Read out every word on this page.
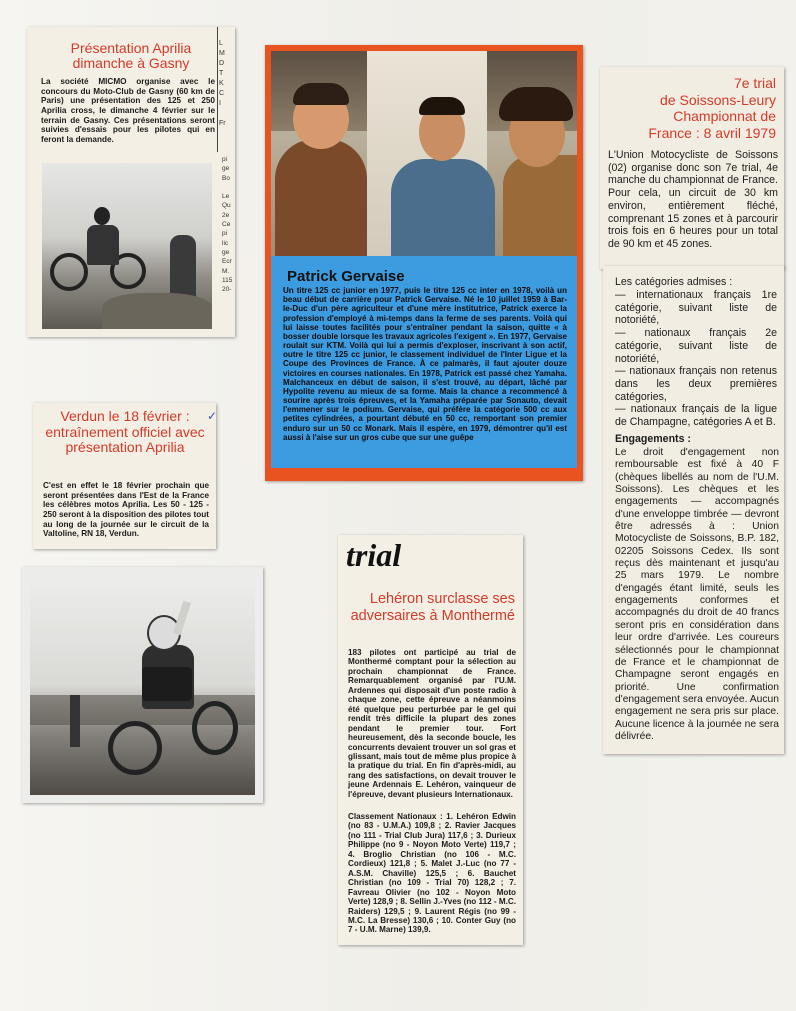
L
M
D
T
K
C
I

Fr
Présentation Aprilia dimanche à Gasny
La société MICMO organise avec le concours du Moto-Club de Gasny (60 km de Paris) une présentation des 125 et 250 Aprilia cross, le dimanche 4 février sur le terrain de Gasny. Ces présentations seront suivies d'essais pour les pilotes qui en feront la demande.
pi
ge
Bo

Le
Qu
2e
Ce
pi
lic
ge
Ecr
M.
115
20-
Patrick Gervaise
Un titre 125 cc junior en 1977, puis le titre 125 cc inter en 1978, voilà un beau début de carrière pour Patrick Gervaise. Né le 10 juillet 1959 à Bar-le-Duc d'un père agriculteur et d'une mère institutrice, Patrick exerce la profession d'employé à mi-temps dans la ferme de ses parents. Voilà qui lui laisse toutes facilités pour s'entraîner pendant la saison, quitte « à bosser double lorsque les travaux agricoles l'exigent ». En 1977, Gervaise roulait sur KTM. Voilà qui lui a permis d'exploser, inscrivant à son actif, outre le titre 125 cc junior, le classement individuel de l'Inter Ligue et la Coupe des Provinces de France. À ce palmarès, il faut ajouter douze victoires en courses nationales. En 1978, Patrick est passé chez Yamaha. Malchanceux en début de saison, il s'est trouvé, au départ, lâché par Hypolite revenu au mieux de sa forme. Mais la chance a recommencé à sourire après trois épreuves, et la Yamaha préparée par Sonauto, devait l'emmener sur le podium. Gervaise, qui préfère la catégorie 500 cc aux petites cylindrées, a pourtant débuté en 50 cc, remportant son premier enduro sur un 50 cc Monark. Mais il espère, en 1979, démontrer qu'il est aussi à l'aise sur un gros cube que sur une guêpe
7e trial
de Soissons-Leury
Championnat de
France : 8 avril 1979
L'Union Motocycliste de Soissons (02) organise donc son 7e trial, 4e manche du championnat de France. Pour cela, un circuit de 30 km environ, entièrement fléché, comprenant 15 zones et à parcourir trois fois en 6 heures pour un total de 90 km et 45 zones.
Les catégories admises :
— internationaux français 1re catégorie, suivant liste de notoriété,
— nationaux français 2e catégorie, suivant liste de notoriété,
— nationaux français non retenus dans les deux premières catégories,
— nationaux français de la ligue de Champagne, catégories A et B.
Engagements :
Le droit d'engagement non remboursable est fixé à 40 F (chèques libellés au nom de l'U.M. Soissons). Les chèques et les engagements — accompagnés d'une enveloppe timbrée — devront être adressés à : Union Motocycliste de Soissons, B.P. 182, 02205 Soissons Cedex. Ils sont reçus dès maintenant et jusqu'au 25 mars 1979. Le nombre d'engagés étant limité, seuls les engagements conformes et accompagnés du droit de 40 francs seront pris en considération dans leur ordre d'arrivée. Les coureurs sélectionnés pour le championnat de France et le championnat de Champagne seront engagés en priorité. Une confirmation d'engagement sera envoyée. Aucun engagement ne sera pris sur place. Aucune licence à la journée ne sera délivrée.
Verdun le 18 février : entraînement officiel avec présentation Aprilia
✓
C'est en effet le 18 février prochain que seront présentées dans l'Est de la France les célèbres motos Aprilia. Les 50 - 125 - 250 seront à la disposition des pilotes tout au long de la journée sur le circuit de la Valtoline, RN 18, Verdun.
trial
Lehéron surclasse ses adversaires à Monthermé
183 pilotes ont participé au trial de Monthermé comptant pour la sélection au prochain championnat de France. Remarquablement organisé par l'U.M. Ardennes qui disposait d'un poste radio à chaque zone, cette épreuve a néanmoins été quelque peu perturbée par le gel qui rendit très difficile la plupart des zones pendant le premier tour. Fort heureusement, dès la seconde boucle, les concurrents devaient trouver un sol gras et glissant, mais tout de même plus propice à la pratique du trial. En fin d'après-midi, au rang des satisfactions, on devait trouver le jeune Ardennais E. Lehéron, vainqueur de l'épreuve, devant plusieurs Internationaux.
Classement Nationaux : 1. Lehéron Edwin (no 83 - U.M.A.) 109,8 ; 2. Ravier Jacques (no 111 - Trial Club Jura) 117,6 ; 3. Durieux Philippe (no 9 - Noyon Moto Verte) 119,7 ; 4. Broglio Christian (no 106 - M.C. Cordieux) 121,8 ; 5. Malet J.-Luc (no 77 - A.S.M. Chaville) 125,5 ; 6. Bauchet Christian (no 109 - Trial 70) 128,2 ; 7. Favreau Olivier (no 102 - Noyon Moto Verte) 128,9 ; 8. Sellin J.-Yves (no 112 - M.C. Raiders) 129,5 ; 9. Laurent Régis (no 99 - M.C. La Bresse) 130,6 ; 10. Conter Guy (no 7 - U.M. Marne) 139,9.
